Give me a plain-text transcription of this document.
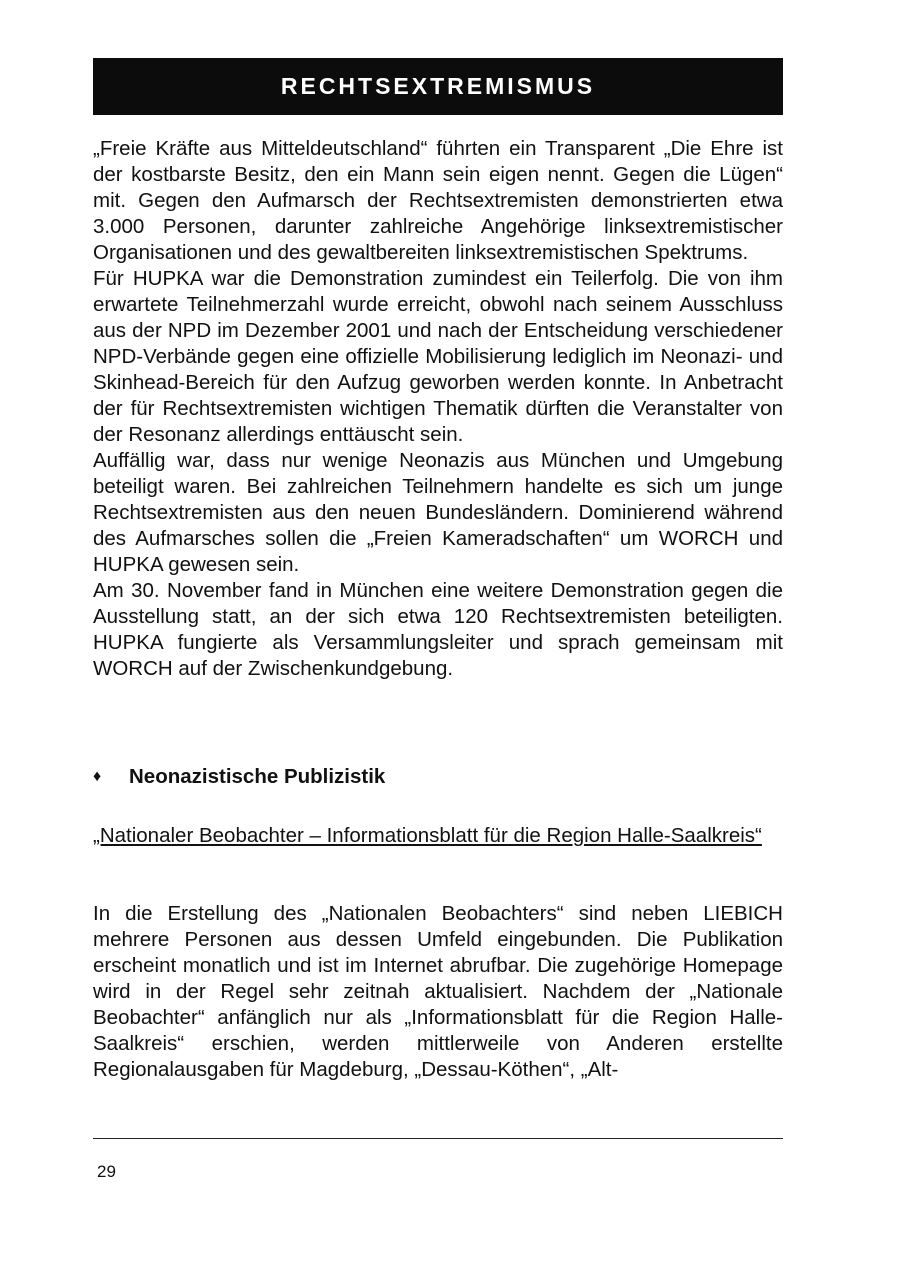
RECHTSEXTREMISMUS

„Freie Kräfte aus Mitteldeutschland“ führten ein Transparent „Die Ehre ist der kostbarste Besitz, den ein Mann sein eigen nennt. Gegen die Lügen“ mit. Gegen den Aufmarsch der Rechtsextremisten demonstrierten etwa 3.000 Personen, darunter zahlreiche Angehörige linksextremistischer Organisationen und des gewaltbereiten linksextremistischen Spektrums.

Für HUPKA war die Demonstration zumindest ein Teilerfolg. Die von ihm erwartete Teilnehmerzahl wurde erreicht, obwohl nach seinem Ausschluss aus der NPD im Dezember 2001 und nach der Entscheidung verschiedener NPD-Verbände gegen eine offizielle Mobilisierung lediglich im Neonazi- und Skinhead-Bereich für den Aufzug geworben werden konnte. In Anbetracht der für Rechtsextremisten wichtigen Thematik dürften die Veranstalter von der Resonanz allerdings enttäuscht sein.

Auffällig war, dass nur wenige Neonazis aus München und Umgebung beteiligt waren. Bei zahlreichen Teilnehmern handelte es sich um junge Rechtsextremisten aus den neuen Bundesländern. Dominierend während des Aufmarsches sollen die „Freien Kameradschaften“ um WORCH und HUPKA gewesen sein.

Am 30. November fand in München eine weitere Demonstration gegen die Ausstellung statt, an der sich etwa 120 Rechtsextremisten beteiligten. HUPKA fungierte als Versammlungsleiter und sprach gemeinsam mit WORCH auf der Zwischenkundgebung.

♦	Neonazistische Publizistik

„Nationaler Beobachter – Informationsblatt für die Region Halle-Saalkreis“

In die Erstellung des „Nationalen Beobachters“ sind neben LIEBICH mehrere Personen aus dessen Umfeld eingebunden. Die Publikation erscheint monatlich und ist im Internet abrufbar. Die zugehörige Homepage wird in der Regel sehr zeitnah aktualisiert. Nachdem der „Nationale Beobachter“ anfänglich nur als „Informationsblatt für die Region Halle-Saalkreis“ erschien, werden mittlerweile von Anderen erstellte Regionalausgaben für Magdeburg, „Dessau-Köthen“, „Alt-

29
